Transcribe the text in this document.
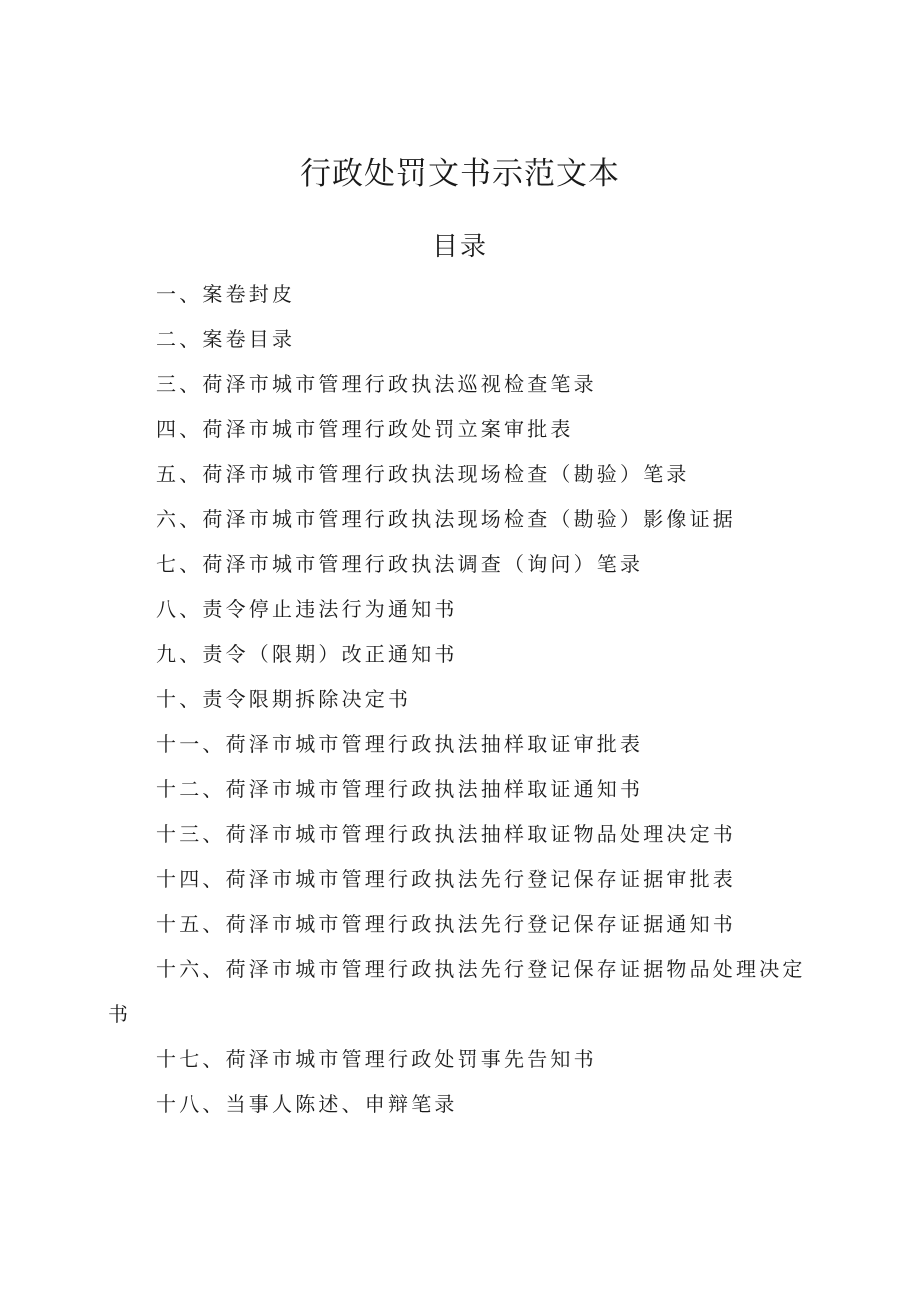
行政处罚文书示范文本
目录
一、案卷封皮
二、案卷目录
三、荷泽市城市管理行政执法巡视检查笔录
四、荷泽市城市管理行政处罚立案审批表
五、荷泽市城市管理行政执法现场检查（勘验）笔录
六、荷泽市城市管理行政执法现场检查（勘验）影像证据
七、荷泽市城市管理行政执法调查（询问）笔录
八、责令停止违法行为通知书
九、责令（限期）改正通知书
十、责令限期拆除决定书
十一、荷泽市城市管理行政执法抽样取证审批表
十二、荷泽市城市管理行政执法抽样取证通知书
十三、荷泽市城市管理行政执法抽样取证物品处理决定书
十四、荷泽市城市管理行政执法先行登记保存证据审批表
十五、荷泽市城市管理行政执法先行登记保存证据通知书
十六、荷泽市城市管理行政执法先行登记保存证据物品处理决定
书
十七、荷泽市城市管理行政处罚事先告知书
十八、当事人陈述、申辩笔录
